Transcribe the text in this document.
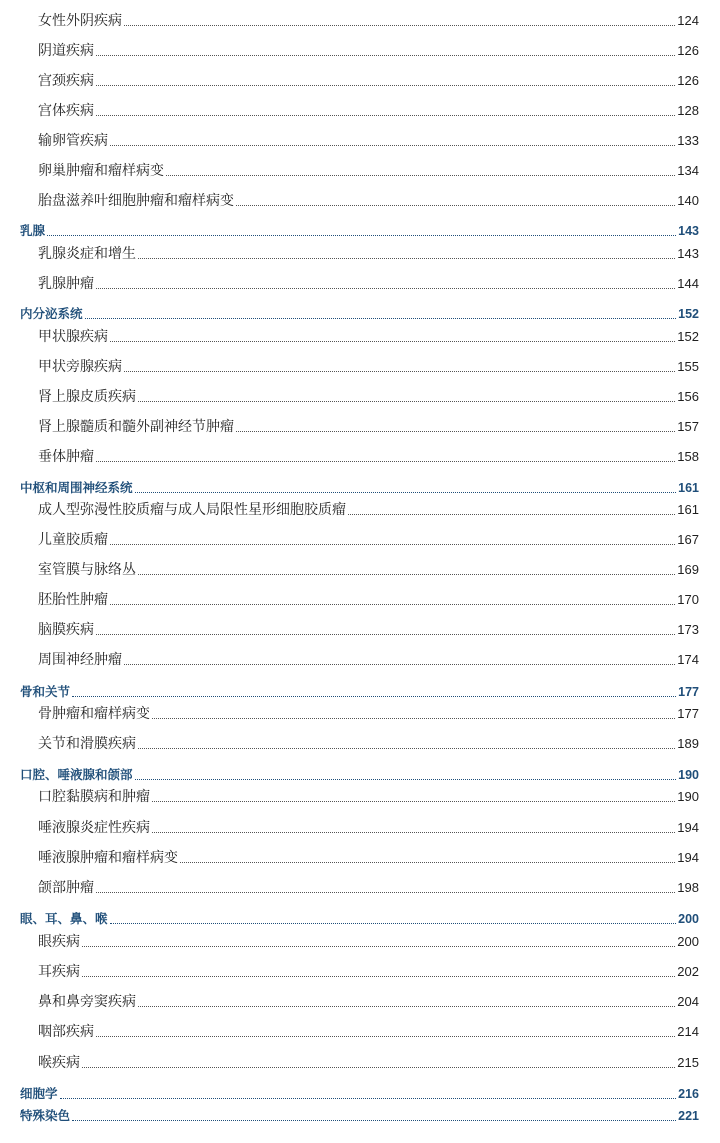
女性外阴疾病	124
阴道疾病	126
宫颈疾病	126
宫体疾病	128
输卵管疾病	133
卵巢肿瘤和瘤样病变	134
胎盘滋养叶细胞肿瘤和瘤样病变	140
乳腺	143
乳腺炎症和增生	143
乳腺肿瘤	144
内分泌系统	152
甲状腺疾病	152
甲状旁腺疾病	155
肾上腺皮质疾病	156
肾上腺髓质和髓外副神经节肿瘤	157
垂体肿瘤	158
中枢和周围神经系统	161
成人型弥漫性胶质瘤与成人局限性星形细胞胶质瘤	161
儿童胶质瘤	167
室管膜与脉络丛	169
胚胎性肿瘤	170
脑膜疾病	173
周围神经肿瘤	174
骨和关节	177
骨肿瘤和瘤样病变	177
关节和滑膜疾病	189
口腔、唾液腺和颌部	190
口腔黏膜病和肿瘤	190
唾液腺炎症性疾病	194
唾液腺肿瘤和瘤样病变	194
颌部肿瘤	198
眼、耳、鼻、喉	200
眼疾病	200
耳疾病	202
鼻和鼻旁窦疾病	204
咽部疾病	214
喉疾病	215
细胞学	216
特殊染色	221
